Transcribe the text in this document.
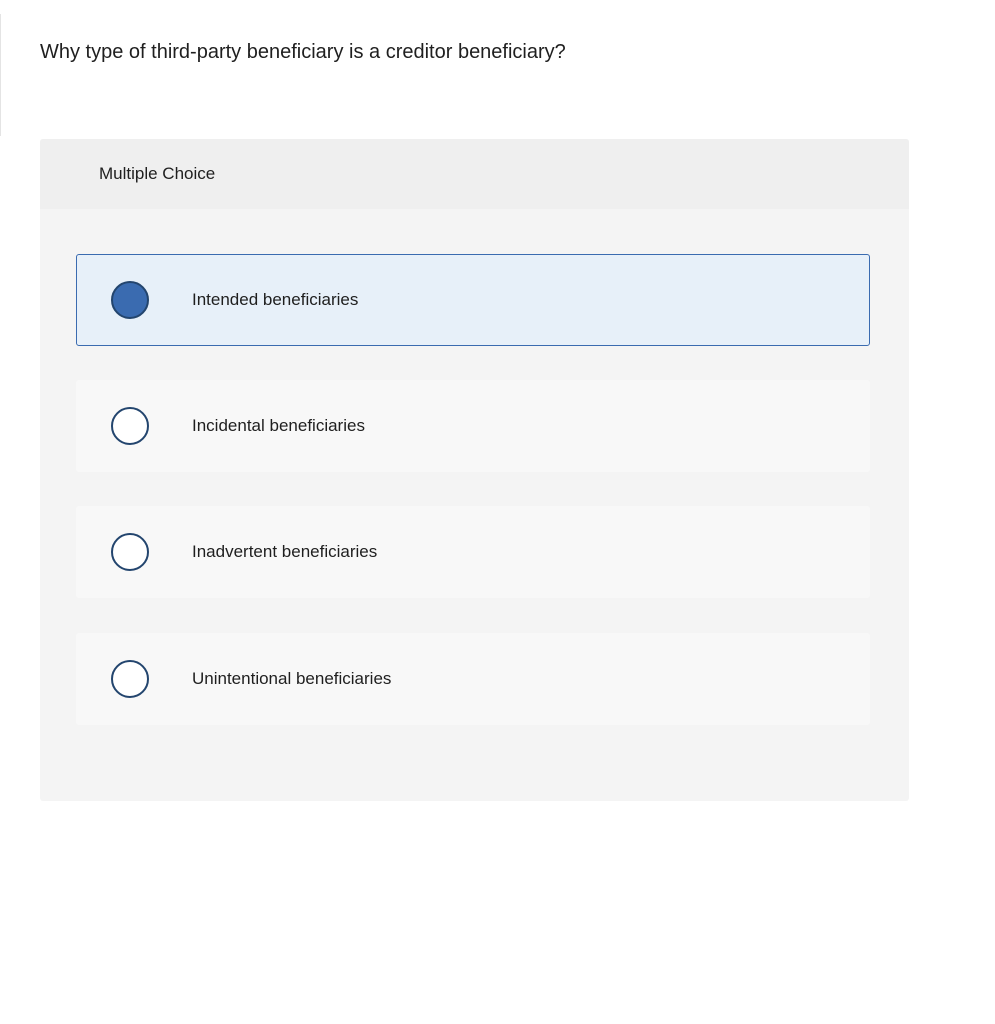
Why type of third-party beneficiary is a creditor beneficiary?
Multiple Choice
Intended beneficiaries
Incidental beneficiaries
Inadvertent beneficiaries
Unintentional beneficiaries
